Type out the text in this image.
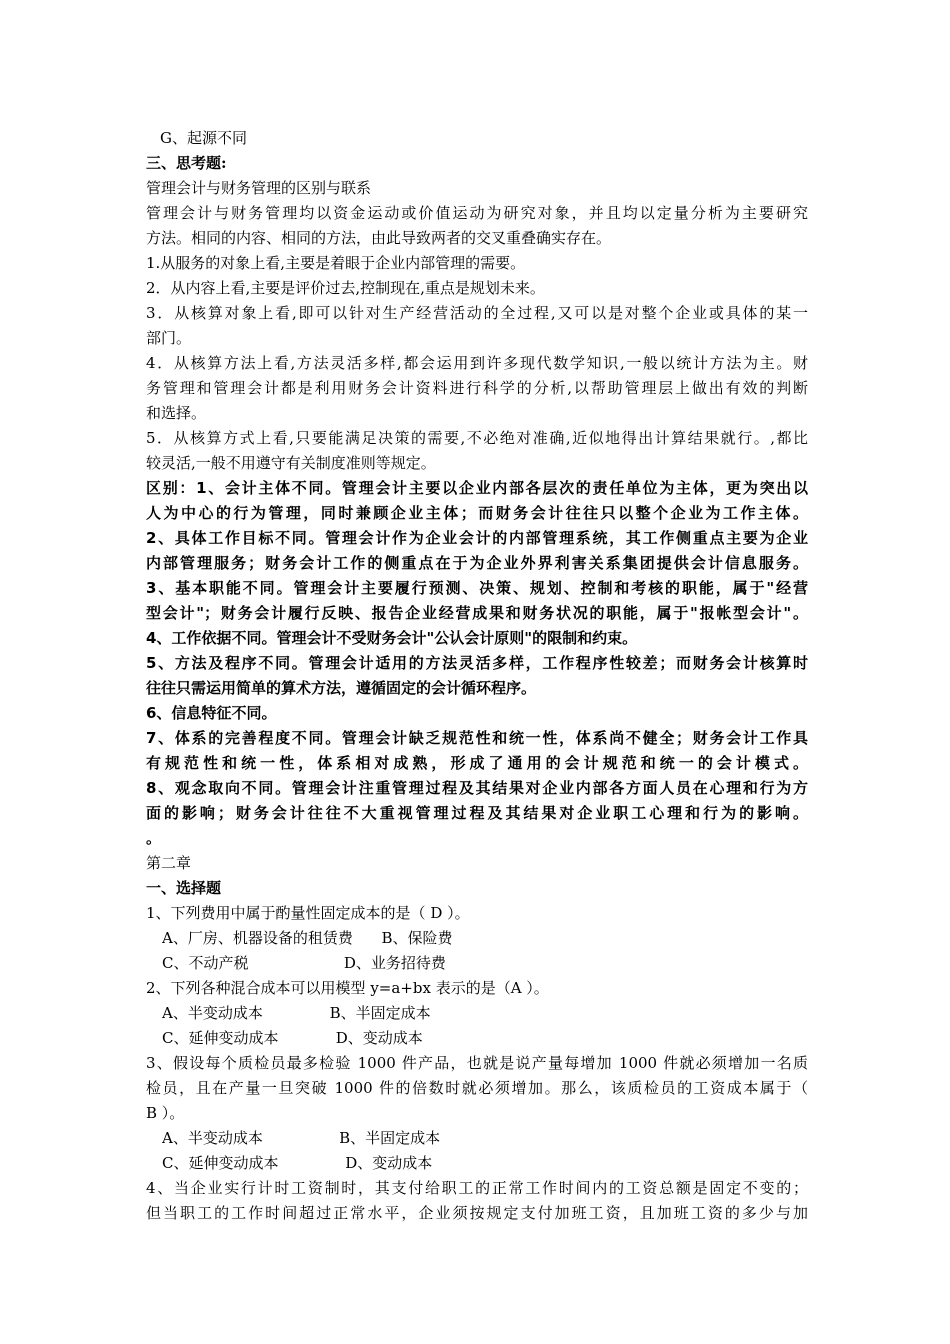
G、起源不同
三、思考题:
管理会计与财务管理的区别与联系
管理会计与财务管理均以资金运动或价值运动为研究对象，并且均以定量分析为主要研究
方法。相同的内容、相同的方法，由此导致两者的交叉重叠确实存在。
1.从服务的对象上看,主要是着眼于企业内部管理的需要。
2．从内容上看,主要是评价过去,控制现在,重点是规划未来。
3．从核算对象上看,即可以针对生产经营活动的全过程,又可以是对整个企业或具体的某一
部门。
4．从核算方法上看,方法灵活多样,都会运用到许多现代数学知识,一般以统计方法为主。财
务管理和管理会计都是利用财务会计资料进行科学的分析,以帮助管理层上做出有效的判断
和选择。
5．从核算方式上看,只要能满足决策的需要,不必绝对准确,近似地得出计算结果就行。,都比
较灵活,一般不用遵守有关制度准则等规定。
区别：1、会计主体不同。管理会计主要以企业内部各层次的责任单位为主体，更为突出以
人为中心的行为管理，同时兼顾企业主体；而财务会计往往只以整个企业为工作主体。
2、具体工作目标不同。管理会计作为企业会计的内部管理系统，其工作侧重点主要为企业
内部管理服务；财务会计工作的侧重点在于为企业外界利害关系集团提供会计信息服务。
3、基本职能不同。管理会计主要履行预测、决策、规划、控制和考核的职能，属于"经营
型会计"；财务会计履行反映、报告企业经营成果和财务状况的职能，属于"报帐型会计"。
4、工作依据不同。管理会计不受财务会计"公认会计原则"的限制和约束。
5、方法及程序不同。管理会计适用的方法灵活多样，工作程序性较差；而财务会计核算时
往往只需运用简单的算术方法，遵循固定的会计循环程序。
6、信息特征不同。
7、体系的完善程度不同。管理会计缺乏规范性和统一性，体系尚不健全；财务会计工作具
有规范性和统一性，体系相对成熟，形成了通用的会计规范和统一的会计模式。
8、观念取向不同。管理会计注重管理过程及其结果对企业内部各方面人员在心理和行为方
面的影响；财务会计往往不大重视管理过程及其结果对企业职工心理和行为的影响。
。
第二章
一、选择题
1、下列费用中属于酌量性固定成本的是（ D ）。
A、厂房、机器设备的租赁费      B、保险费
C、不动产税                    D、业务招待费
2、下列各种混合成本可以用模型 y=a+bx 表示的是（A ）。
A、半变动成本              B、半固定成本
C、延伸变动成本            D、变动成本
3、假设每个质检员最多检验 1000 件产品，也就是说产量每增加 1000 件就必须增加一名质
检员，且在产量一旦突破 1000 件的倍数时就必须增加。那么，该质检员的工资成本属于（
B ）。
A、半变动成本                B、半固定成本
C、延伸变动成本              D、变动成本
4、当企业实行计时工资制时，其支付给职工的正常工作时间内的工资总额是固定不变的；
但当职工的工作时间超过正常水平，企业须按规定支付加班工资，且加班工资的多少与加
